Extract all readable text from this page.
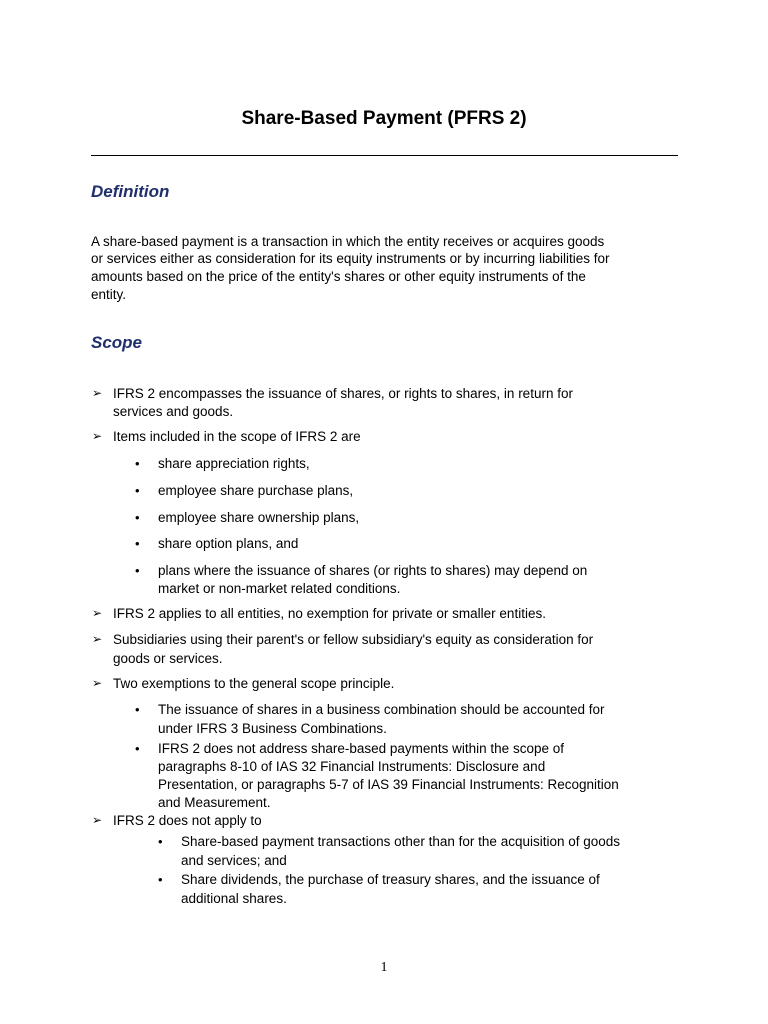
Share-Based Payment (PFRS 2)
Definition
A share-based payment is a transaction in which the entity receives or acquires goods
or services either as consideration for its equity instruments or by incurring liabilities for
amounts based on the price of the entity's shares or other equity instruments of the
entity.
Scope
➢ IFRS 2 encompasses the issuance of shares, or rights to shares, in return for
services and goods.
➢ Items included in the scope of IFRS 2 are
• share appreciation rights,
• employee share purchase plans,
• employee share ownership plans,
• share option plans, and
• plans where the issuance of shares (or rights to shares) may depend on
market or non-market related conditions.
➢ IFRS 2 applies to all entities, no exemption for private or smaller entities.
➢ Subsidiaries using their parent's or fellow subsidiary's equity as consideration for
goods or services.
➢ Two exemptions to the general scope principle.
• The issuance of shares in a business combination should be accounted for
under IFRS 3 Business Combinations.
• IFRS 2 does not address share-based payments within the scope of
paragraphs 8-10 of IAS 32 Financial Instruments: Disclosure and
Presentation, or paragraphs 5-7 of IAS 39 Financial Instruments: Recognition
and Measurement.
➢ IFRS 2 does not apply to
• Share-based payment transactions other than for the acquisition of goods
and services; and
• Share dividends, the purchase of treasury shares, and the issuance of
additional shares.
1
